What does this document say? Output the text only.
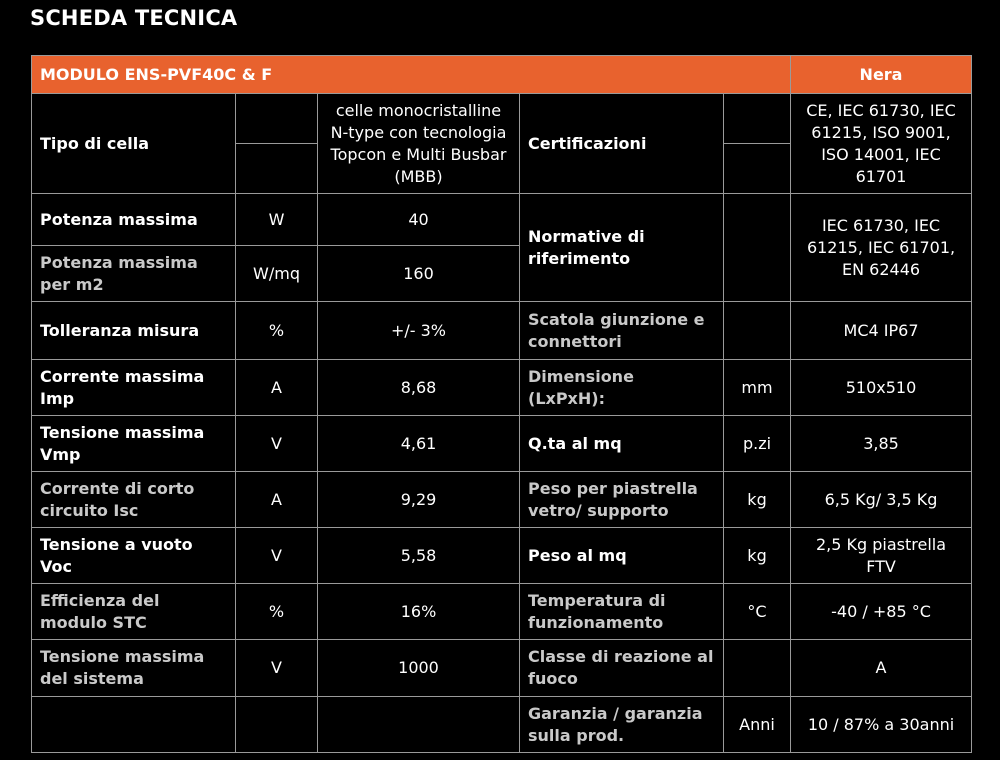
SCHEDA TECNICA
MODULO ENS-PVF40C & F					Nera
Tipo di cella		celle monocristalline N-type con tecnologia Topcon e Multi Busbar (MBB)	Certificazioni		CE, IEC 61730, IEC 61215, ISO 9001, ISO 14001, IEC 61701

Potenza massima	W	40	Normative di riferimento		IEC 61730, IEC 61215, IEC 61701, EN 62446
Potenza massima per m2	W/mq	160			
Tolleranza misura	%	+/- 3%	Scatola giunzione e connettori		MC4 IP67
Corrente massima Imp	A	8,68	Dimensione (LxPxH):	mm	510x510
Tensione massima Vmp	V	4,61	Q.ta al mq	p.zi	3,85
Corrente di corto circuito Isc	A	9,29	Peso per piastrella vetro/ supporto	kg	6,5 Kg/ 3,5 Kg
Tensione a vuoto Voc	V	5,58	Peso al mq	kg	2,5 Kg piastrella FTV
Efficienza del modulo STC	%	16%	Temperatura di funzionamento	°C	-40 / +85 °C
Tensione massima del sistema	V	1000	Classe di reazione al fuoco		A
			Garanzia / garanzia sulla prod.	Anni	10 / 87% a 30anni
